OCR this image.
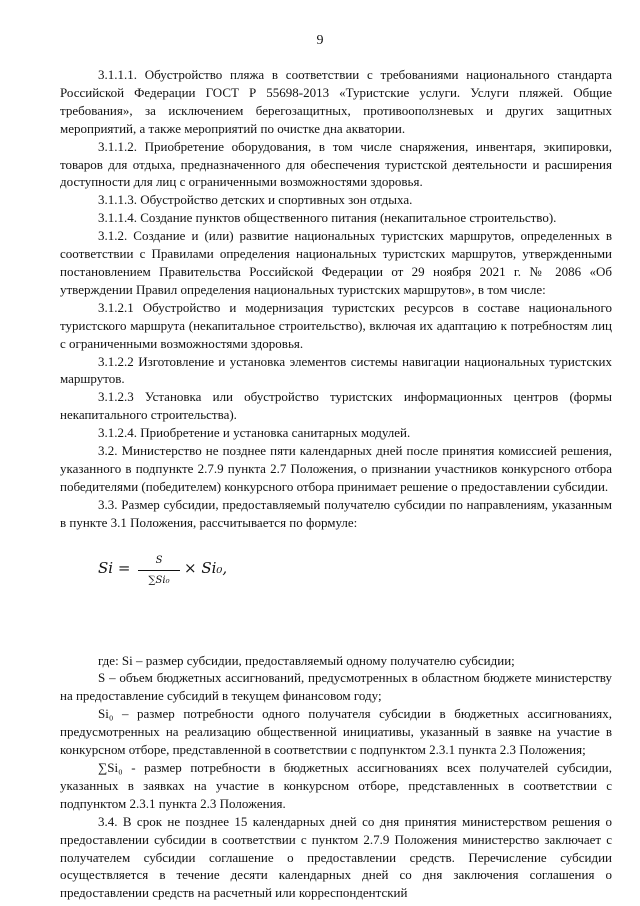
9

3.1.1.1. Обустройство пляжа в соответствии с требованиями национального стандарта Российской Федерации ГОСТ Р 55698-2013 «Туристские услуги. Услуги пляжей. Общие требования», за исключением берегозащитных, противооползневых и других защитных мероприятий, а также мероприятий по очистке дна акватории.

3.1.1.2. Приобретение оборудования, в том числе снаряжения, инвентаря, экипировки, товаров для отдыха, предназначенного для обеспечения туристской деятельности и расширения доступности для лиц с ограниченными возможностями здоровья.

3.1.1.3. Обустройство детских и спортивных зон отдыха.

3.1.1.4. Создание пунктов общественного питания (некапитальное строительство).

3.1.2. Создание и (или) развитие национальных туристских маршрутов, определенных в соответствии с Правилами определения национальных туристских маршрутов, утвержденными постановлением Правительства Российской Федерации от 29 ноября 2021 г. № 2086 «Об утверждении Правил определения национальных туристских маршрутов», в том числе:

3.1.2.1 Обустройство и модернизация туристских ресурсов в составе национального туристского маршрута (некапитальное строительство), включая их адаптацию к потребностям лиц с ограниченными возможностями здоровья.

3.1.2.2 Изготовление и установка элементов системы навигации национальных туристских маршрутов.

3.1.2.3 Установка или обустройство туристских информационных центров (формы некапитального строительства).

3.1.2.4. Приобретение и установка санитарных модулей.

3.2. Министерство не позднее пяти календарных дней после принятия комиссией решения, указанного в подпункте 2.7.9 пункта 2.7 Положения, о признании участников конкурсного отбора победителями (победителем) конкурсного отбора принимает решение о предоставлении субсидии.

3.3. Размер субсидии, предоставляемый получателю субсидии по направлениям, указанным в пункте 3.1 Положения, рассчитывается по формуле:

Si =	S
∑Si₀
× Si₀,

где: Si – размер субсидии, предоставляемый одному получателю субсидии;

S – объем бюджетных ассигнований, предусмотренных в областном бюджете министерству на предоставление субсидий в текущем финансовом году;

Si₀ – размер потребности одного получателя субсидии в бюджетных ассигнованиях, предусмотренных на реализацию общественной инициативы, указанный в заявке на участие в конкурсном отборе, представленной в соответствии с подпунктом 2.3.1 пункта 2.3 Положения;

∑Si₀ - размер потребности в бюджетных ассигнованиях всех получателей субсидии, указанных в заявках на участие в конкурсном отборе, представленных в соответствии с подпунктом 2.3.1 пункта 2.3 Положения.

3.4. В срок не позднее 15 календарных дней со дня принятия министерством решения о предоставлении субсидии в соответствии с пунктом 2.7.9 Положения министерство заключает с получателем субсидии соглашение о предоставлении средств. Перечисление субсидии осуществляется в течение десяти календарных дней со дня заключения соглашения о предоставлении средств на расчетный или корреспондентский
